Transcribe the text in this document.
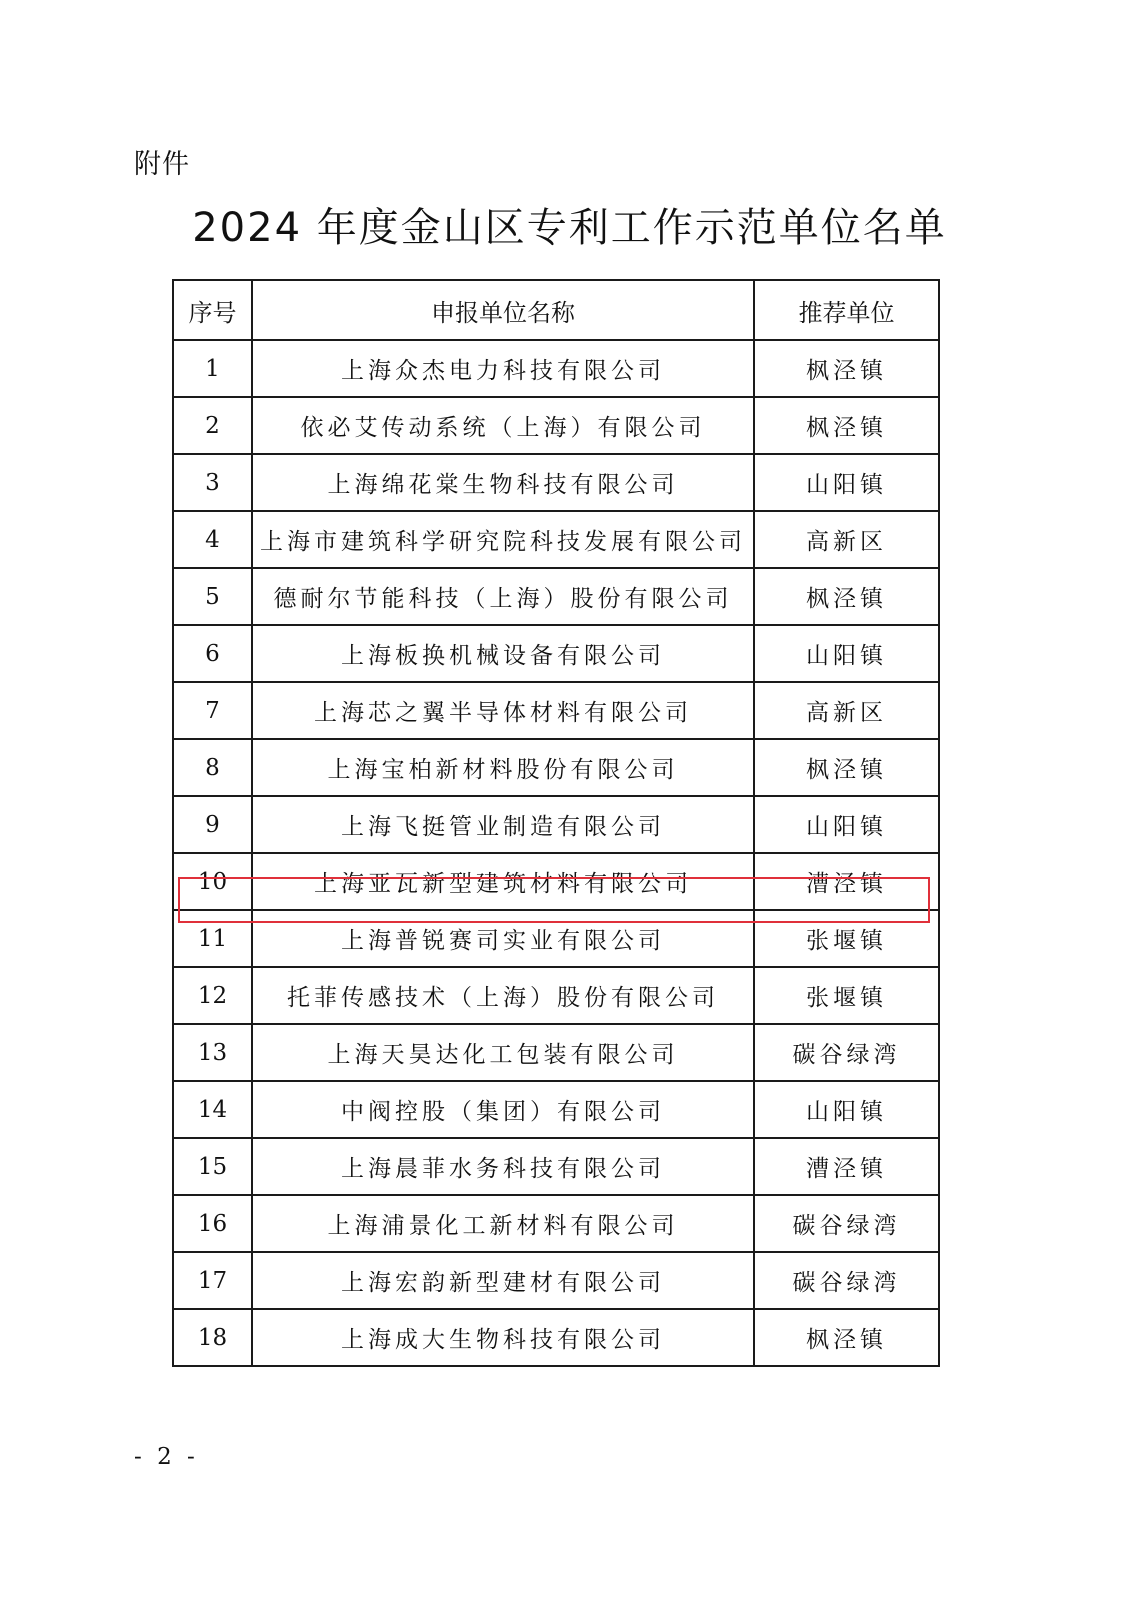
附件
2024 年度金山区专利工作示范单位名单
序号	申报单位名称	推荐单位
1	上海众杰电力科技有限公司	枫泾镇
2	依必艾传动系统（上海）有限公司	枫泾镇
3	上海绵花棠生物科技有限公司	山阳镇
4	上海市建筑科学研究院科技发展有限公司	高新区
5	德耐尔节能科技（上海）股份有限公司	枫泾镇
6	上海板换机械设备有限公司	山阳镇
7	上海芯之翼半导体材料有限公司	高新区
8	上海宝柏新材料股份有限公司	枫泾镇
9	上海飞挺管业制造有限公司	山阳镇
10	上海亚瓦新型建筑材料有限公司	漕泾镇
11	上海普锐赛司实业有限公司	张堰镇
12	托菲传感技术（上海）股份有限公司	张堰镇
13	上海天昊达化工包装有限公司	碳谷绿湾
14	中阀控股（集团）有限公司	山阳镇
15	上海晨菲水务科技有限公司	漕泾镇
16	上海浦景化工新材料有限公司	碳谷绿湾
17	上海宏韵新型建材有限公司	碳谷绿湾
18	上海成大生物科技有限公司	枫泾镇
- 2 -
